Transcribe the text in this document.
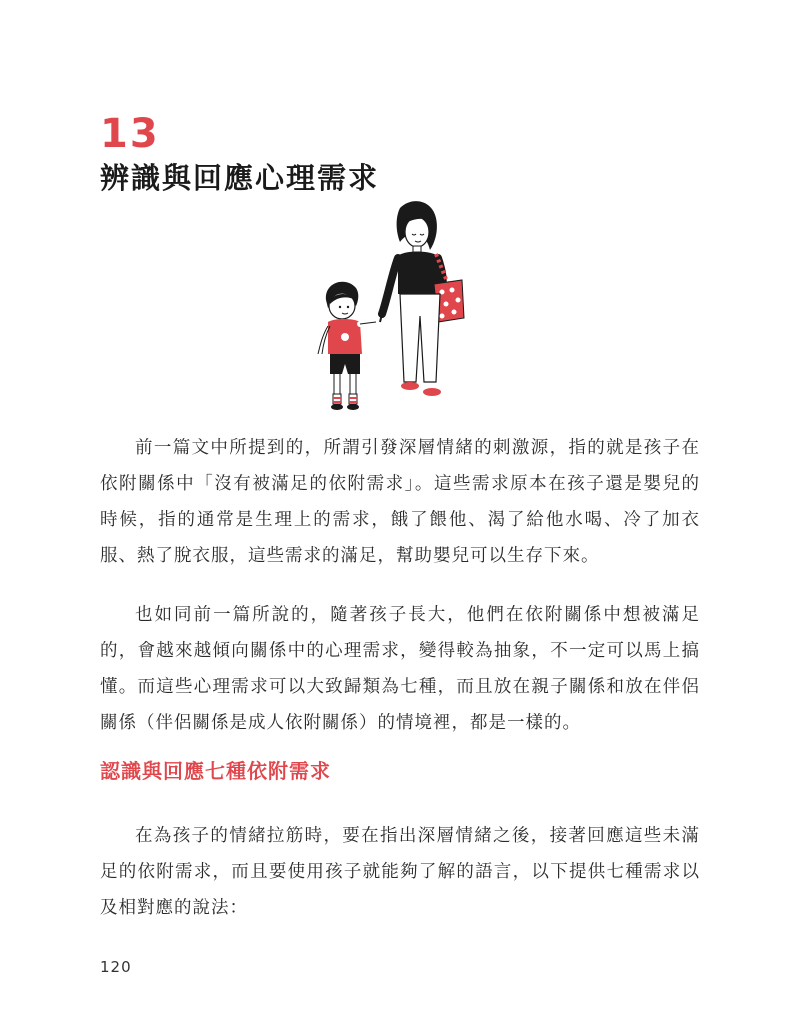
13
辨識與回應心理需求

前一篇文中所提到的，所謂引發深層情緒的刺激源，指的就是孩子在依附關係中「沒有被滿足的依附需求」。這些需求原本在孩子還是嬰兒的時候，指的通常是生理上的需求，餓了餵他、渴了給他水喝、冷了加衣服、熱了脫衣服，這些需求的滿足，幫助嬰兒可以生存下來。

也如同前一篇所說的，隨著孩子長大，他們在依附關係中想被滿足的，會越來越傾向關係中的心理需求，變得較為抽象，不一定可以馬上搞懂。而這些心理需求可以大致歸類為七種，而且放在親子關係和放在伴侶關係（伴侶關係是成人依附關係）的情境裡，都是一樣的。

認識與回應七種依附需求

在為孩子的情緒拉筋時，要在指出深層情緒之後，接著回應這些未滿足的依附需求，而且要使用孩子就能夠了解的語言，以下提供七種需求以及相對應的說法：

120
